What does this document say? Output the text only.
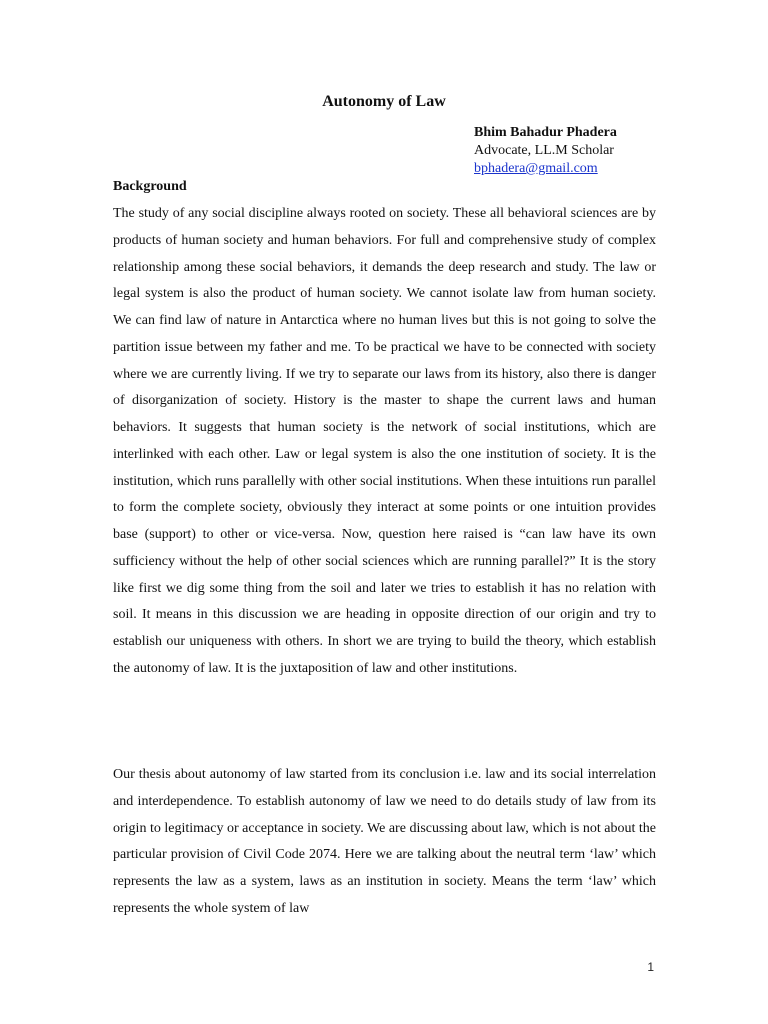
Autonomy of Law
Bhim Bahadur Phadera
Advocate, LL.M Scholar
bphadera@gmail.com
Background

The study of any social discipline always rooted on society. These all behavioral sciences are by products of human society and human behaviors. For full and comprehensive study of complex relationship among these social behaviors, it demands the deep research and study. The law or legal system is also the product of human society. We cannot isolate law from human society. We can find law of nature in Antarctica where no human lives but this is not going to solve the partition issue between my father and me. To be practical we have to be connected with society where we are currently living. If we try to separate our laws from its history, also there is danger of disorganization of society. History is the master to shape the current laws and human behaviors. It suggests that human society is the network of social institutions, which are interlinked with each other. Law or legal system is also the one institution of society. It is the institution, which runs parallelly with other social institutions. When these intuitions run parallel to form the complete society, obviously they interact at some points or one intuition provides base (support) to other or vice-versa. Now, question here raised is “can law have its own sufficiency without the help of other social sciences which are running parallel?” It is the story like first we dig some thing from the soil and later we tries to establish it has no relation with soil. It means in this discussion we are heading in opposite direction of our origin and try to establish our uniqueness with others. In short we are trying to build the theory, which establish the autonomy of law. It is the juxtaposition of law and other institutions.

Our thesis about autonomy of law started from its conclusion i.e. law and its social interrelation and interdependence. To establish autonomy of law we need to do details study of law from its origin to legitimacy or acceptance in society. We are discussing about law, which is not about the particular provision of Civil Code 2074. Here we are talking about the neutral term ‘law’ which represents the law as a system, laws as an institution in society. Means the term ‘law’ which represents the whole system of law

1
